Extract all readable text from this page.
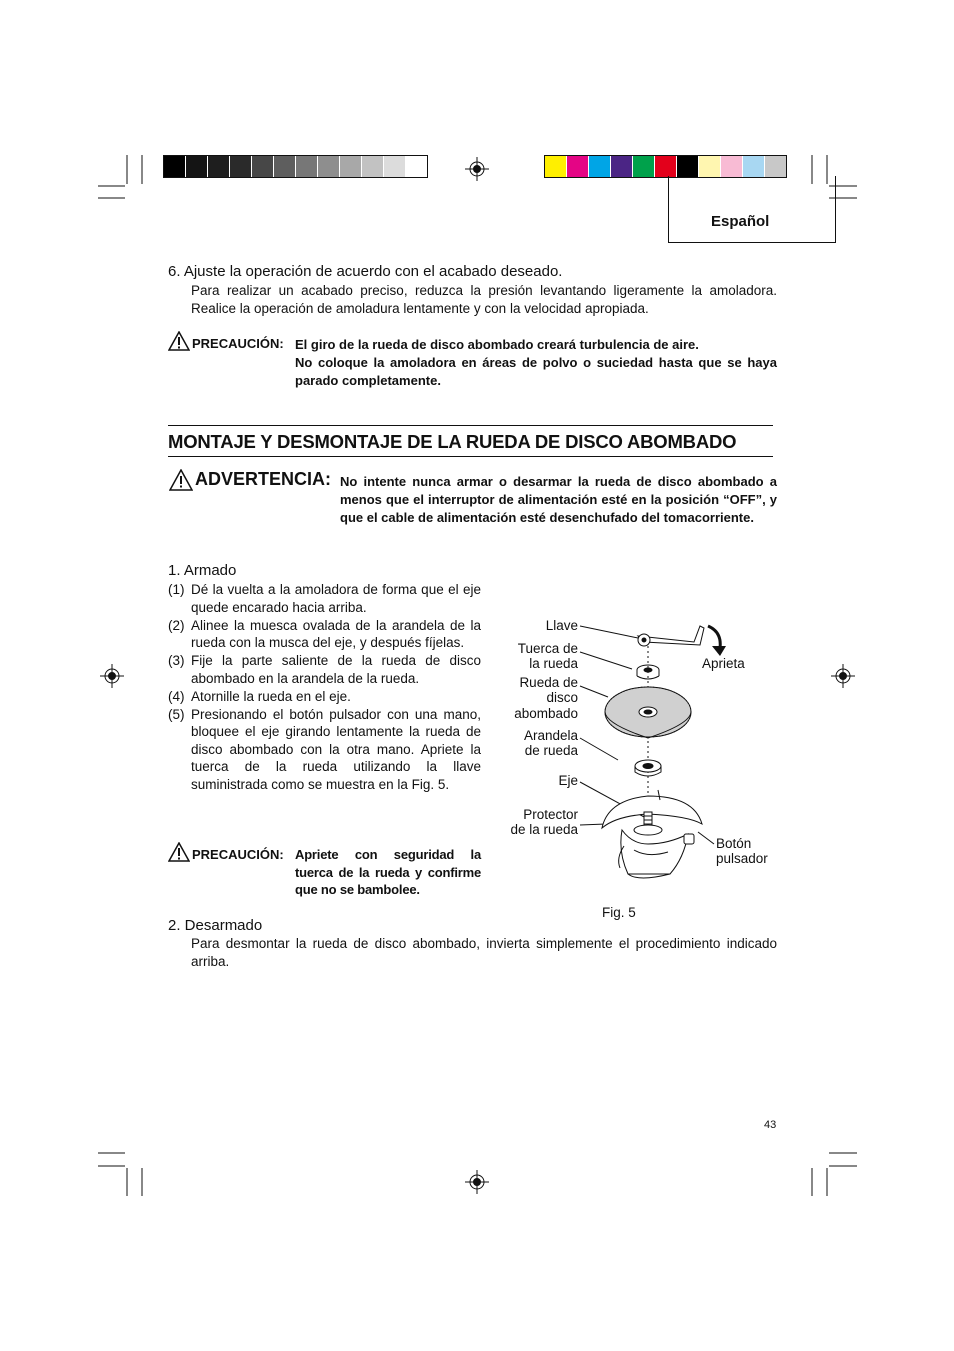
Español
6. Ajuste la operación de acuerdo con el acabado deseado.
Para realizar un acabado preciso, reduzca la presión levantando ligeramente la amoladora. Realice la operación de amoladura lentamente y con la velocidad apropiada.
PRECAUCIÓN: El giro de la rueda de disco abombado creará turbulencia de aire.
No coloque la amoladora en áreas de polvo o suciedad hasta que se haya parado completamente.
MONTAJE Y DESMONTAJE DE LA RUEDA DE DISCO ABOMBADO
ADVERTENCIA: No intente nunca armar o desarmar la rueda de disco abombado a menos que el interruptor de alimentación esté en la posición “OFF”, y que el cable de alimentación esté desenchufado del tomacorriente.
1. Armado
(1) Dé la vuelta a la amoladora de forma que el eje quede encarado hacia arriba.
(2) Alinee la muesca ovalada de la arandela de la rueda con la musca del eje, y después fíjelas.
(3) Fije la parte saliente de la rueda de disco abombado en la arandela de la rueda.
(4) Atornille la rueda en el eje.
(5) Presionando el botón pulsador con una mano, bloquee el eje girando lentamente la rueda de disco abombado con la otra mano. Apriete la tuerca de la rueda utilizando la llave suministrada como se muestra en la Fig. 5.
PRECAUCIÓN: Apriete con seguridad la tuerca de la rueda y confirme que no se bambolee.
Llave
Tuerca de
la rueda
Rueda de
disco
abombado
Arandela
de rueda
Eje
Protector
de la rueda
Aprieta
Botón
pulsador
Fig. 5
2. Desarmado
Para desmontar la rueda de disco abombado, invierta simplemente el procedimiento indicado arriba.
43
